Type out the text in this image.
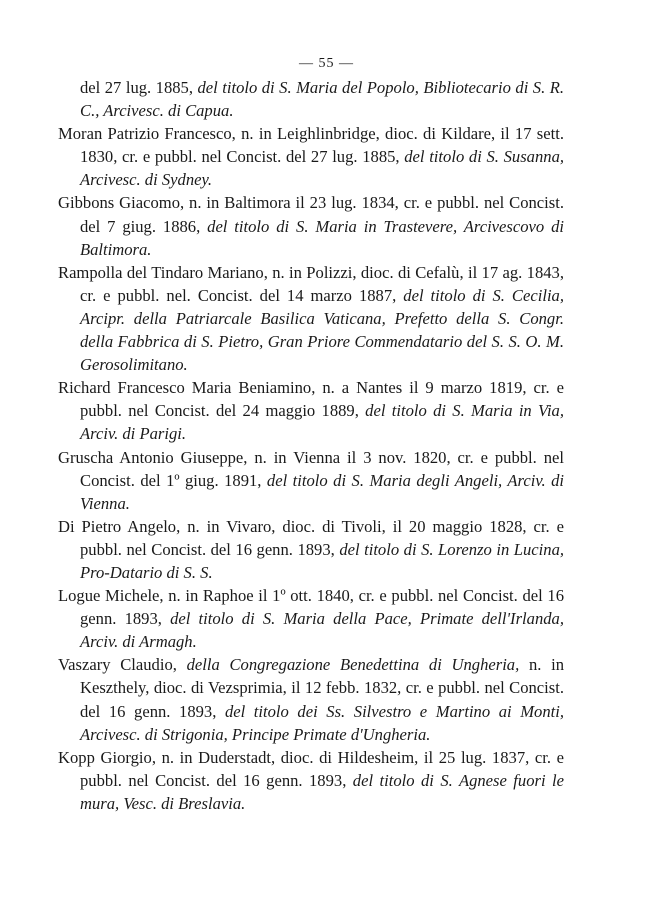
— 55 —

del 27 lug. 1885, del titolo di S. Maria del Popolo, Bibliotecario di S. R. C., Arcivesc. di Capua.

Moran Patrizio Francesco, n. in Leighlinbridge, dioc. di Kildare, il 17 sett. 1830, cr. e pubbl. nel Concist. del 27 lug. 1885, del titolo di S. Susanna, Arcivesc. di Sydney.

Gibbons Giacomo, n. in Baltimora il 23 lug. 1834, cr. e pubbl. nel Concist. del 7 giug. 1886, del titolo di S. Maria in Trastevere, Arcivescovo di Baltimora.

Rampolla del Tindaro Mariano, n. in Polizzi, dioc. di Cefalù, il 17 ag. 1843, cr. e pubbl. nel. Concist. del 14 marzo 1887, del titolo di S. Cecilia, Arcipr. della Patriarcale Basilica Vaticana, Prefetto della S. Congr. della Fabbrica di S. Pietro, Gran Priore Commendatario del S. S. O. M. Gerosolimitano.

Richard Francesco Maria Beniamino, n. a Nantes il 9 marzo 1819, cr. e pubbl. nel Concist. del 24 maggio 1889, del titolo di S. Maria in Via, Arciv. di Parigi.

Gruscha Antonio Giuseppe, n. in Vienna il 3 nov. 1820, cr. e pubbl. nel Concist. del 1º giug. 1891, del titolo di S. Maria degli Angeli, Arciv. di Vienna.

Di Pietro Angelo, n. in Vivaro, dioc. di Tivoli, il 20 maggio 1828, cr. e pubbl. nel Concist. del 16 genn. 1893, del titolo di S. Lorenzo in Lucina, Pro-Datario di S. S.

Logue Michele, n. in Raphoe il 1º ott. 1840, cr. e pubbl. nel Concist. del 16 genn. 1893, del titolo di S. Maria della Pace, Primate dell'Irlanda, Arciv. di Armagh.

Vaszary Claudio, della Congregazione Benedettina di Ungheria, n. in Keszthely, dioc. di Vezsprimia, il 12 febb. 1832, cr. e pubbl. nel Concist. del 16 genn. 1893, del titolo dei Ss. Silvestro e Martino ai Monti, Arcivesc. di Strigonia, Principe Primate d'Ungheria.

Kopp Giorgio, n. in Duderstadt, dioc. di Hildesheim, il 25 lug. 1837, cr. e pubbl. nel Concist. del 16 genn. 1893, del titolo di S. Agnese fuori le mura, Vesc. di Breslavia.
